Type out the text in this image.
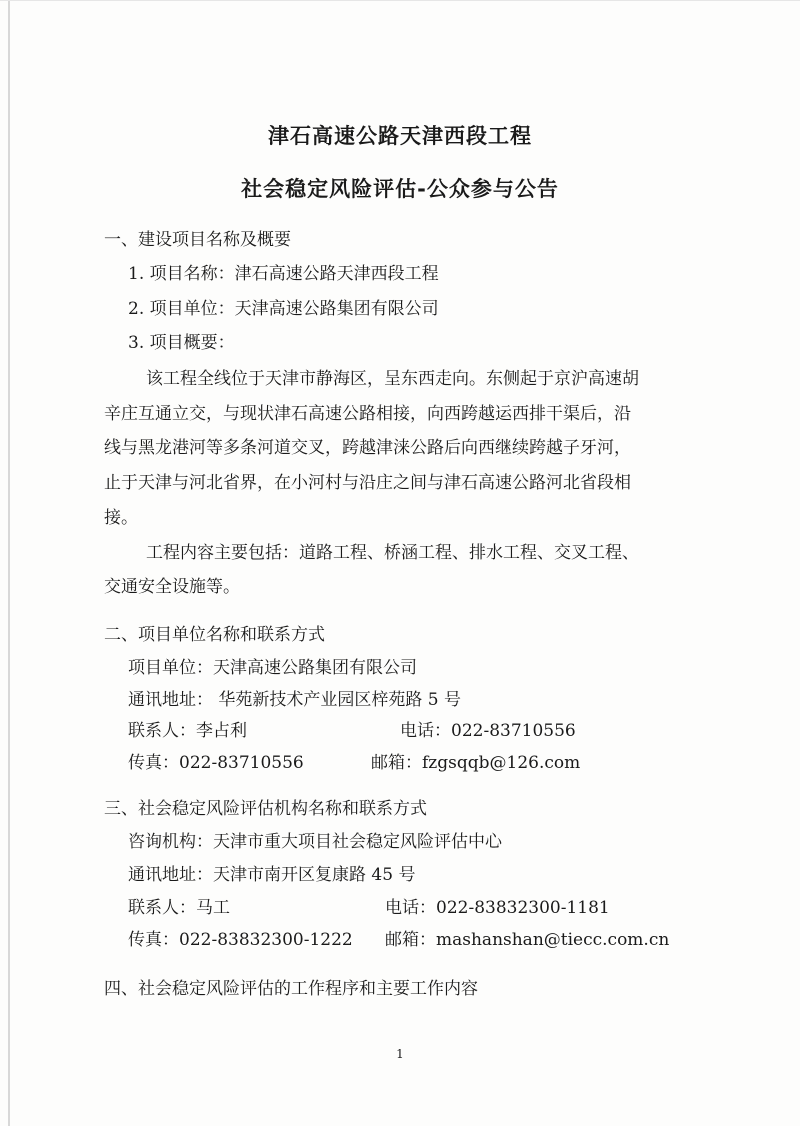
津石高速公路天津西段工程
社会稳定风险评估-公众参与公告
一、建设项目名称及概要
1. 项目名称：津石高速公路天津西段工程
2. 项目单位：天津高速公路集团有限公司
3. 项目概要：
该工程全线位于天津市静海区，呈东西走向。东侧起于京沪高速胡
辛庄互通立交，与现状津石高速公路相接，向西跨越运西排干渠后，沿
线与黑龙港河等多条河道交叉，跨越津涞公路后向西继续跨越子牙河，
止于天津与河北省界，在小河村与沿庄之间与津石高速公路河北省段相
接。
工程内容主要包括：道路工程、桥涵工程、排水工程、交叉工程、
交通安全设施等。
二、项目单位名称和联系方式
项目单位：天津高速公路集团有限公司
通讯地址： 华苑新技术产业园区梓苑路 5 号
联系人：李占利	电话：022-83710556
传真：022-83710556	邮箱：fzgsqqb@126.com
三、社会稳定风险评估机构名称和联系方式
咨询机构：天津市重大项目社会稳定风险评估中心
通讯地址：天津市南开区复康路 45 号
联系人：马工	电话：022-83832300-1181
传真：022-83832300-1222 邮箱：mashanshan@tiecc.com.cn
四、社会稳定风险评估的工作程序和主要工作内容
1
